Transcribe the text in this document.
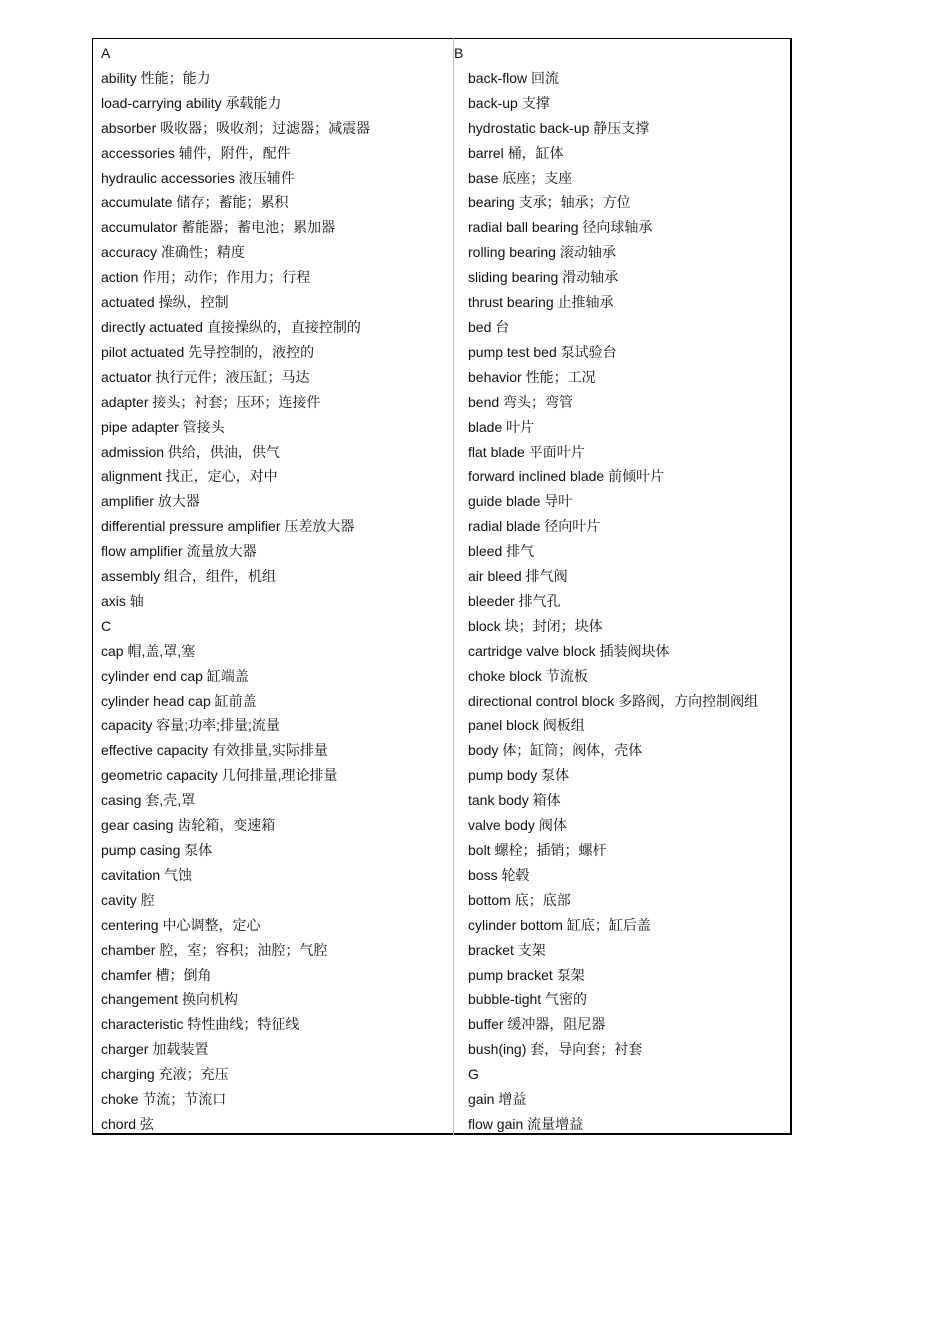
A
ability 性能；能力
load-carrying ability 承载能力
absorber 吸收器；吸收剂；过滤器；减震器
accessories 辅件，附件，配件
hydraulic accessories 液压辅件
accumulate 储存；蓄能；累积
accumulator 蓄能器；蓄电池；累加器
accuracy 准确性；精度
action 作用；动作；作用力；行程
actuated 操纵，控制
directly actuated 直接操纵的，直接控制的
pilot actuated 先导控制的，液控的
actuator 执行元件；液压缸；马达
adapter 接头；衬套；压环；连接件
pipe adapter 管接头
admission 供给，供油，供气
alignment 找正，定心，对中
amplifier 放大器
differential pressure amplifier 压差放大器
flow amplifier 流量放大器
assembly 组合，组件，机组
axis 轴
C
cap 帽,盖,罩,塞
cylinder end cap 缸端盖
cylinder head cap 缸前盖
capacity 容量;功率;排量;流量
effective capacity 有效排量,实际排量
geometric capacity 几何排量,理论排量
casing 套,壳,罩
gear casing 齿轮箱，变速箱
pump casing 泵体
cavitation 气蚀
cavity 腔
centering 中心调整，定心
chamber 腔，室；容积；油腔；气腔
chamfer 槽；倒角
changement 换向机构
characteristic 特性曲线；特征线
charger 加载装置
charging 充液；充压
choke 节流；节流口
chord 弦
B
back-flow 回流
back-up 支撑
hydrostatic back-up 静压支撑
barrel 桶，缸体
base 底座；支座
bearing 支承；轴承；方位
radial ball bearing 径向球轴承
rolling bearing 滚动轴承
sliding bearing 滑动轴承
thrust bearing 止推轴承
bed 台
pump test bed 泵试验台
behavior 性能；工况
bend 弯头；弯管
blade 叶片
flat blade 平面叶片
forward inclined blade 前倾叶片
guide blade 导叶
radial blade 径向叶片
bleed 排气
air bleed 排气阀
bleeder 排气孔
block 块；封闭；块体
cartridge valve block 插装阀块体
choke block 节流板
directional control block 多路阀，方向控制阀组
panel block 阀板组
body 体；缸筒；阀体，壳体
pump body 泵体
tank body 箱体
valve body 阀体
bolt 螺栓；插销；螺杆
boss 轮毂
bottom 底；底部
cylinder bottom 缸底；缸后盖
bracket 支架
pump bracket 泵架
bubble-tight 气密的
buffer 缓冲器，阻尼器
bush(ing) 套，导向套；衬套
G
gain 增益
flow gain 流量增益
